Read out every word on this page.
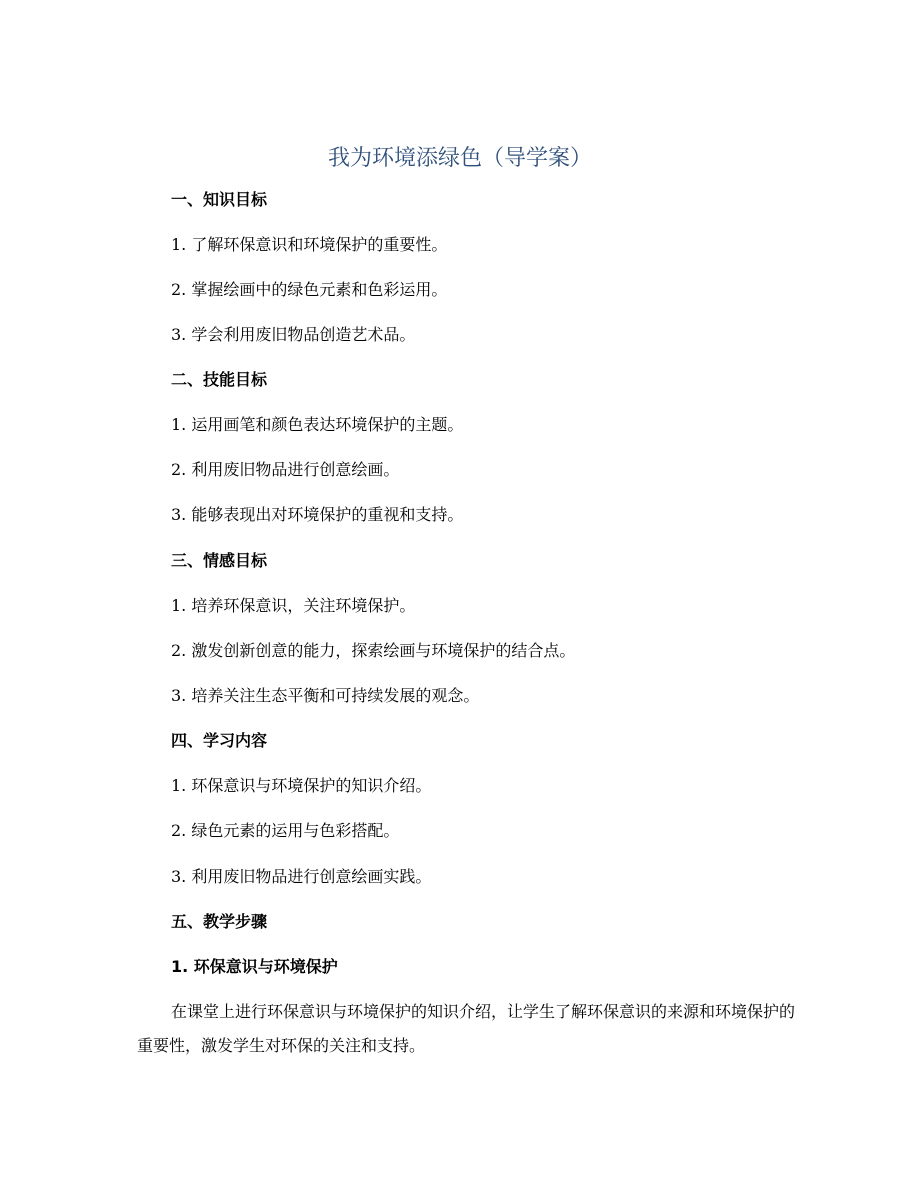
我为环境添绿色（导学案）
一、知识目标
1. 了解环保意识和环境保护的重要性。
2. 掌握绘画中的绿色元素和色彩运用。
3. 学会利用废旧物品创造艺术品。
二、技能目标
1. 运用画笔和颜色表达环境保护的主题。
2. 利用废旧物品进行创意绘画。
3. 能够表现出对环境保护的重视和支持。
三、情感目标
1. 培养环保意识，关注环境保护。
2. 激发创新创意的能力，探索绘画与环境保护的结合点。
3. 培养关注生态平衡和可持续发展的观念。
四、学习内容
1. 环保意识与环境保护的知识介绍。
2. 绿色元素的运用与色彩搭配。
3. 利用废旧物品进行创意绘画实践。
五、教学步骤
1. 环保意识与环境保护
在课堂上进行环保意识与环境保护的知识介绍，让学生了解环保意识的来源和环境保护的重要性，激发学生对环保的关注和支持。
